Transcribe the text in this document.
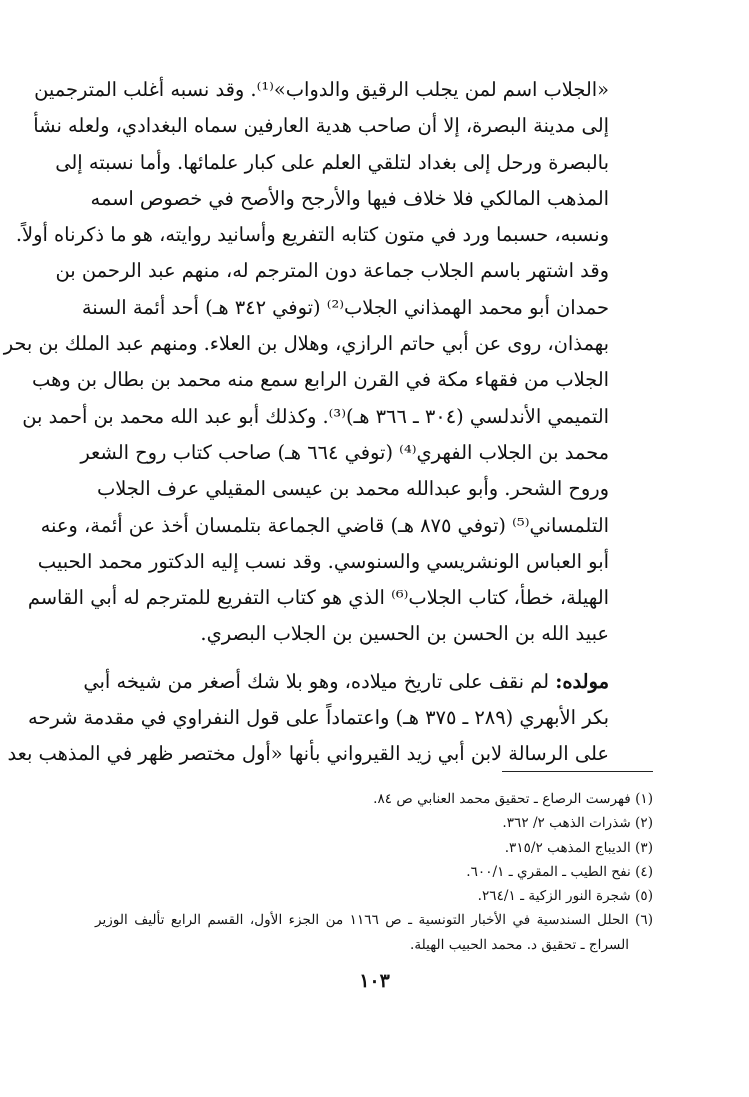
«الجلاب اسم لمن يجلب الرقيق والدواب»⁽¹⁾. وقد نسبه أغلب المترجمين
إلى مدينة البصرة، إلا أن صاحب هدية العارفين سماه البغدادي، ولعله نشأ
بالبصرة ورحل إلى بغداد لتلقي العلم على كبار علمائها. وأما نسبته إلى
المذهب المالكي فلا خلاف فيها والأرجح والأصح في خصوص اسمه
ونسبه، حسبما ورد في متون كتابه التفريع وأسانيد روايته، هو ما ذكرناه أولاً.
وقد اشتهر باسم الجلاب جماعة دون المترجم له، منهم عبد الرحمن بن
حمدان أبو محمد الهمذاني الجلاب⁽²⁾ (توفي ٣٤٢ هـ) أحد أئمة السنة
بهمذان، روى عن أبي حاتم الرازي، وهلال بن العلاء. ومنهم عبد الملك بن بحر
الجلاب من فقهاء مكة في القرن الرابع سمع منه محمد بن بطال بن وهب
التميمي الأندلسي (٣٠٤ ـ ٣٦٦ هـ)⁽³⁾. وكذلك أبو عبد الله محمد بن أحمد بن
محمد بن الجلاب الفهري⁽⁴⁾ (توفي ٦٦٤ هـ) صاحب كتاب روح الشعر
وروح الشحر. وأبو عبدالله محمد بن عيسى المقيلي عرف الجلاب
التلمساني⁽⁵⁾ (توفي ٨٧٥ هـ) قاضي الجماعة بتلمسان أخذ عن أئمة، وعنه
أبو العباس الونشريسي والسنوسي. وقد نسب إليه الدكتور محمد الحبيب
الهيلة، خطأ، كتاب الجلاب⁽⁶⁾ الذي هو كتاب التفريع للمترجم له أبي القاسم
عبيد الله بن الحسن بن الحسين بن الجلاب البصري.
مولده: لم نقف على تاريخ ميلاده، وهو بلا شك أصغر من شيخه أبي
بكر الأبهري (٢٨٩ ـ ٣٧٥ هـ) واعتماداً على قول النفراوي في مقدمة شرحه
على الرسالة لابن أبي زيد القيرواني بأنها «أول مختصر ظهر في المذهب بعد
(١) فهرست الرصاع ـ تحقيق محمد العنابي ص ٨٤.
(٢) شذرات الذهب ٢/ ٣٦٢.
(٣) الديباج المذهب ٣١٥/٢.
(٤) نفح الطيب ـ المقري ـ ٦٠٠/١.
(٥) شجرة النور الزكية ـ ٢٦٤/١.
(٦) الحلل السندسية في الأخبار التونسية ـ ص ١١٦٦ من الجزء الأول، القسم الرابع تأليف الوزير
السراج ـ تحقيق د. محمد الحبيب الهيلة.
١٠٣
